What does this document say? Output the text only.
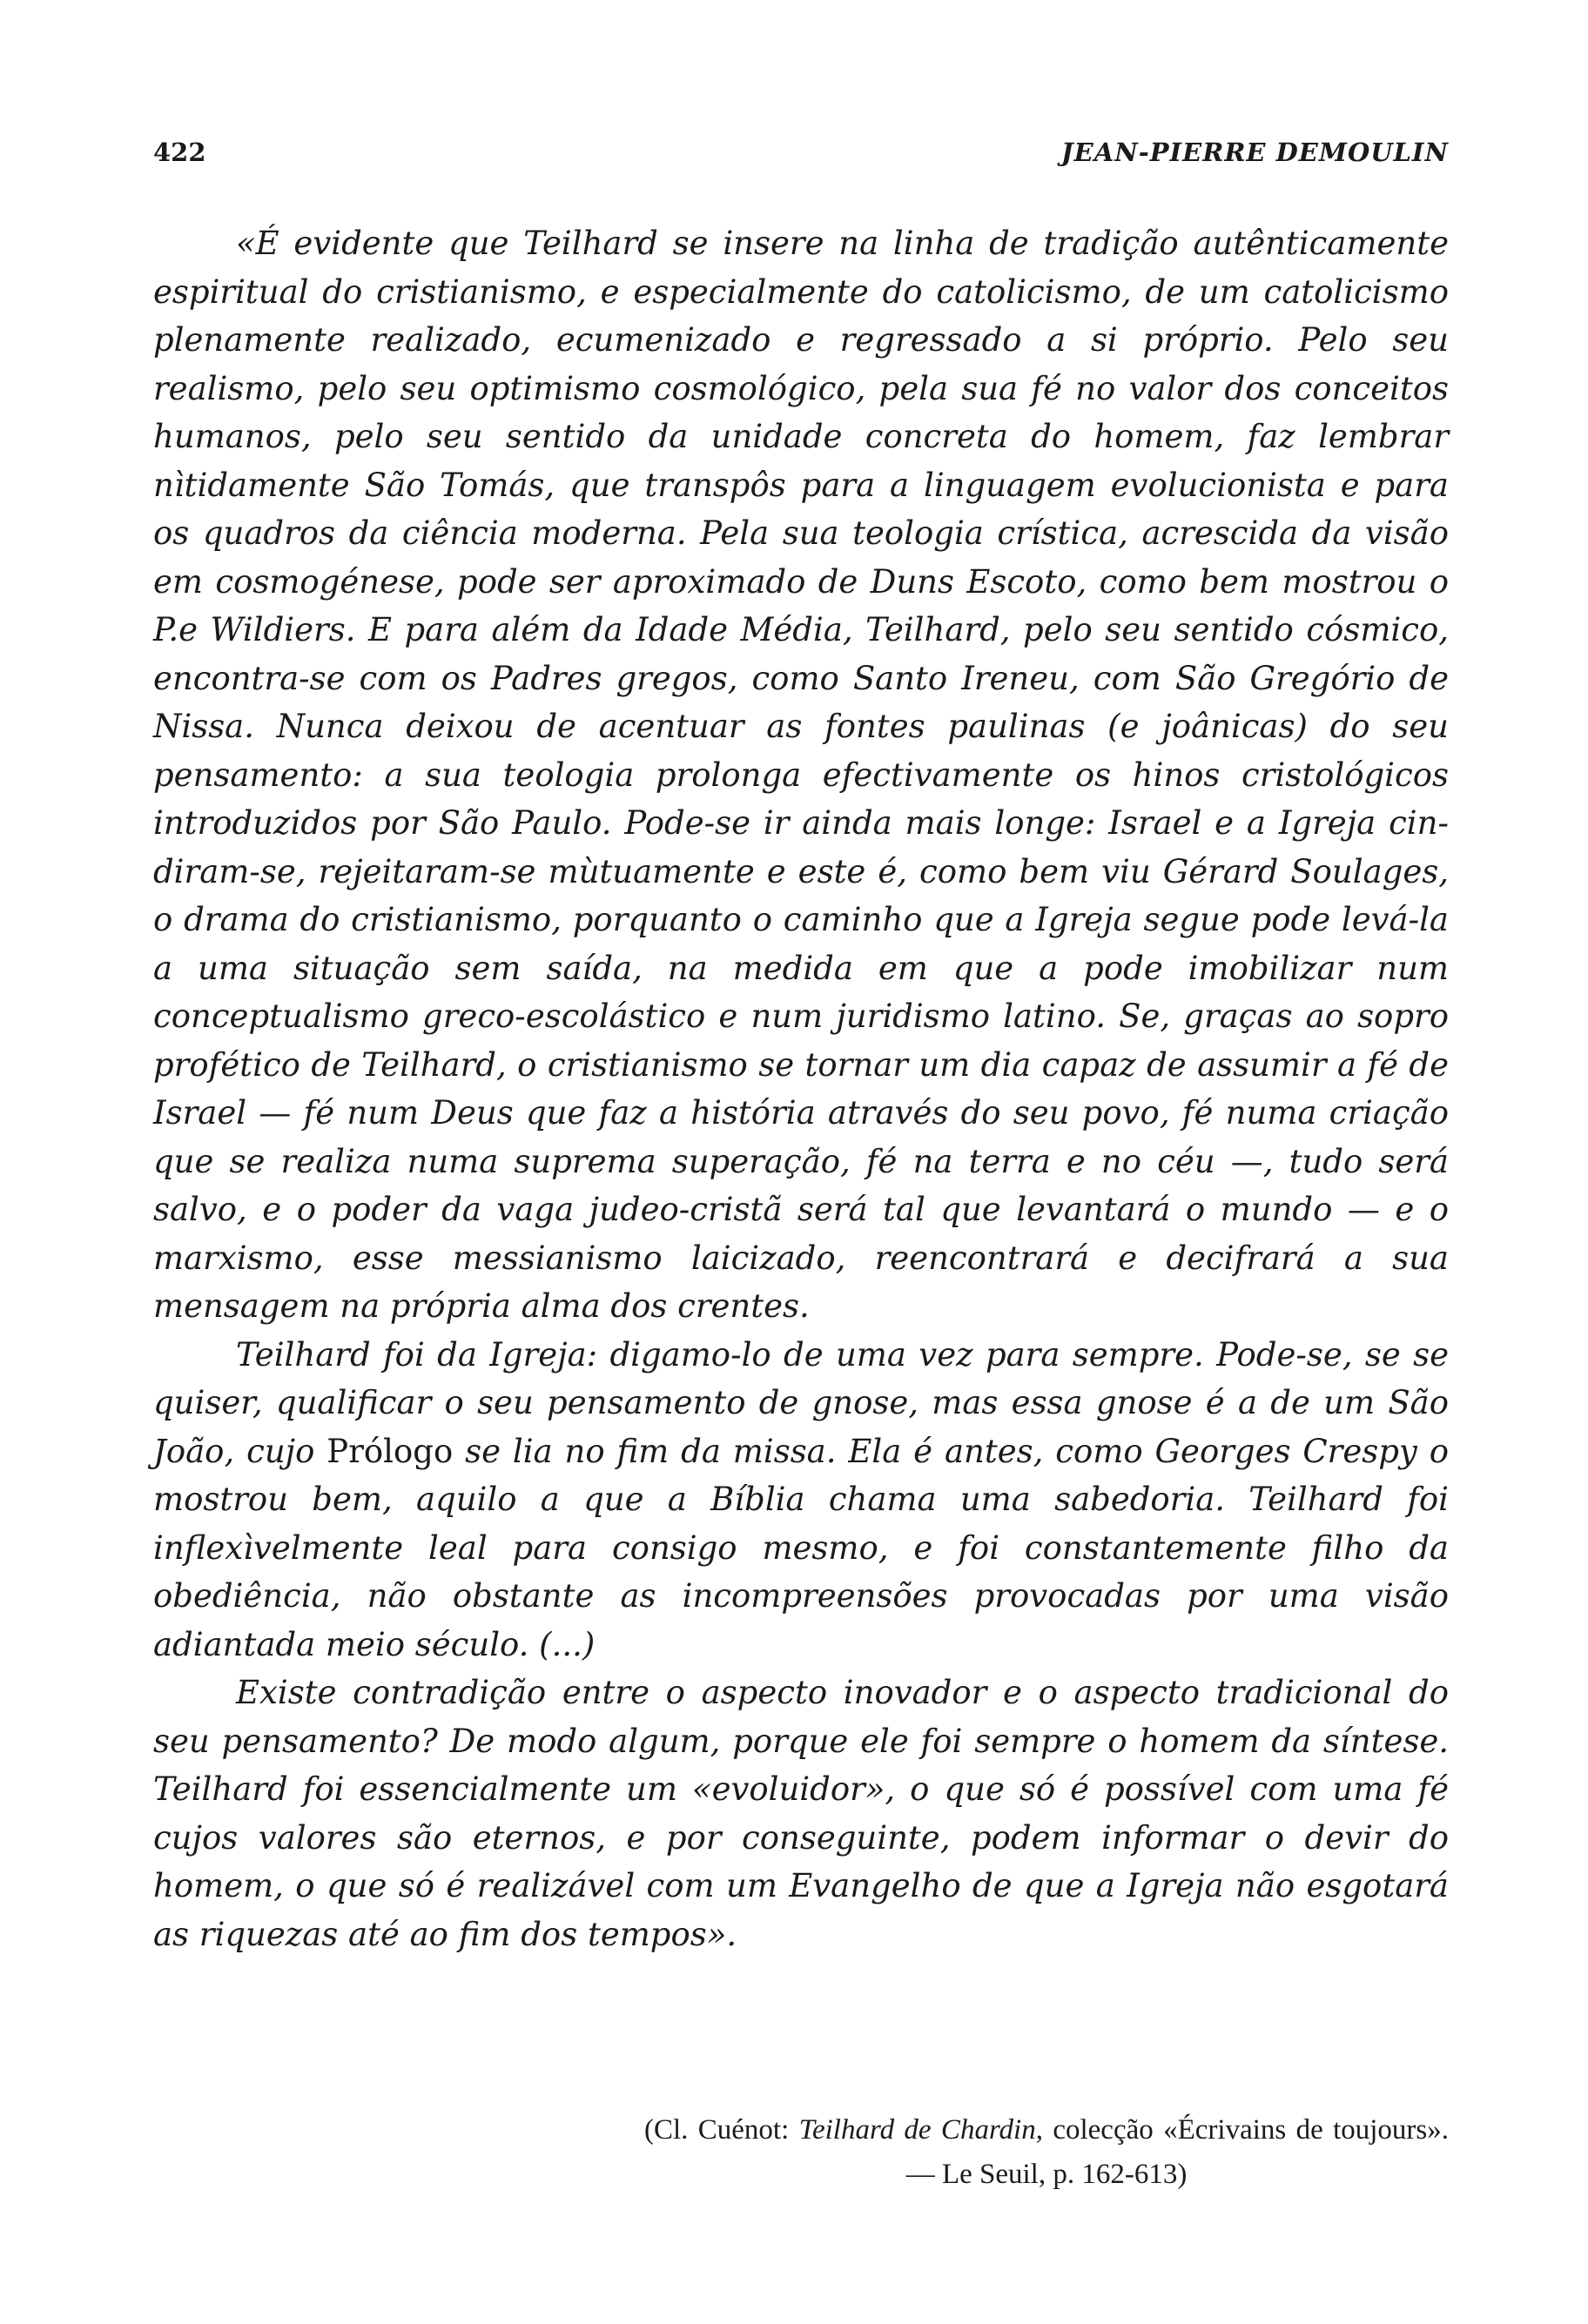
422	JEAN-PIERRE DEMOULIN

«É evidente que Teilhard se insere na linha de tradição autênticamente espiritual do cristianismo, e especialmente do catolicismo, de um catolicismo plenamente realizado, ecumenizado e regressado a si próprio. Pelo seu realismo, pelo seu optimismo cosmológico, pela sua fé no valor dos conceitos humanos, pelo seu sentido da unidade concreta do homem, faz lembrar nìtidamente São Tomás, que transpôs para a linguagem evolucionista e para os quadros da ciência moderna. Pela sua teologia crística, acrescida da visão em cosmogénese, pode ser aproximado de Duns Escoto, como bem mostrou o P.e Wildiers. E para além da Idade Média, Teilhard, pelo seu sentido cósmico, encontra-se com os Padres gregos, como Santo Ireneu, com São Gregório de Nissa. Nunca deixou de acentuar as fontes paulinas (e joânicas) do seu pensamento: a sua teologia prolonga efectivamente os hinos cristológicos introduzidos por São Paulo. Pode-se ir ainda mais longe: Israel e a Igreja cindiram-se, rejeitaram-se mùtuamente e este é, como bem viu Gérard Soulages, o drama do cristianismo, porquanto o caminho que a Igreja segue pode levá-la a uma situação sem saída, na medida em que a pode imobilizar num conceptualismo greco-escolástico e num juridismo latino. Se, graças ao sopro profético de Teilhard, o cristianismo se tornar um dia capaz de assumir a fé de Israel — fé num Deus que faz a história através do seu povo, fé numa criação que se realiza numa suprema superação, fé na terra e no céu —, tudo será salvo, e o poder da vaga judeo-cristã será tal que levantará o mundo — e o marxismo, esse messianismo laicizado, reencontrará e decifrará a sua mensagem na própria alma dos crentes.

Teilhard foi da Igreja: digamo-lo de uma vez para sempre. Pode-se, se se quiser, qualificar o seu pensamento de gnose, mas essa gnose é a de um São João, cujo Prólogo se lia no fim da missa. Ela é antes, como Georges Crespy o mostrou bem, aquilo a que a Bíblia chama uma sabedoria. Teilhard foi inflexìvelmente leal para consigo mesmo, e foi constantemente filho da obediência, não obstante as incompreensões provocadas por uma visão adiantada meio século. (...)

Existe contradição entre o aspecto inovador e o aspecto tradicional do seu pensamento? De modo algum, porque ele foi sempre o homem da síntese. Teilhard foi essencialmente um «evoluidor», o que só é possível com uma fé cujos valores são eternos, e por conseguinte, podem informar o devir do homem, o que só é realizável com um Evangelho de que a Igreja não esgotará as riquezas até ao fim dos tempos».

(Cl. Cuénot: Teilhard de Chardin, colecção «Écrivains de toujours». — Le Seuil, p. 162-613)
